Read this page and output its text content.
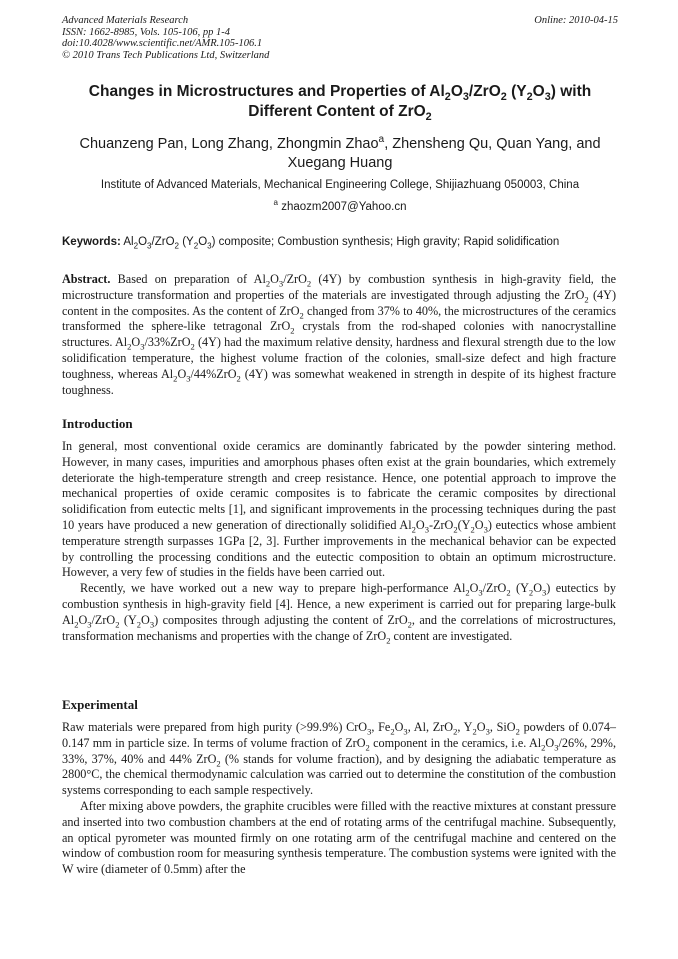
Advanced Materials Research
ISSN: 1662-8985, Vols. 105-106, pp 1-4
doi:10.4028/www.scientific.net/AMR.105-106.1
© 2010 Trans Tech Publications Ltd, Switzerland
Online: 2010-04-15
Changes in Microstructures and Properties of $Al_2O_3/ZrO_2$ $(Y_2O_3)$ with Different Content of ZrO$_2$
Chuanzeng Pan, Long Zhang, Zhongmin Zhao$^a$, Zhensheng Qu, Quan Yang, and Xuegang Huang
Institute of Advanced Materials, Mechanical Engineering College, Shijiazhuang 050003, China
$^a$ zhaozm2007@Yahoo.cn
Keywords: $Al_2O_3/ZrO_2$ $(Y_2O_3)$ composite; Combustion synthesis; High gravity; Rapid solidification
Abstract. Based on preparation of $Al_2O_3/ZrO_2$ (4Y) by combustion synthesis in high-gravity field, the microstructure transformation and properties of the materials are investigated through adjusting the ZrO$_2$ (4Y) content in the composites. As the content of ZrO$_2$ changed from 37% to 40%, the microstructures of the ceramics transformed the sphere-like tetragonal ZrO$_2$ crystals from the rod-shaped colonies with nanocrystalline structures. $Al_2O_3/33\%ZrO_2$ (4Y) had the maximum relative density, hardness and flexural strength due to the low solidification temperature, the highest volume fraction of the colonies, small-size defect and high fracture toughness, whereas $Al_2O_3/44\%ZrO_2$ (4Y) was somewhat weakened in strength in despite of its highest fracture toughness.
Introduction

In general, most conventional oxide ceramics are dominantly fabricated by the powder sintering method. However, in many cases, impurities and amorphous phases often exist at the grain boundaries, which extremely deteriorate the high-temperature strength and creep resistance. Hence, one potential approach to improve the mechanical properties of oxide ceramic composites is to fabricate the ceramic composites by directional solidification from eutectic melts [1], and significant improvements in the processing techniques during the past 10 years have produced a new generation of directionally solidified $Al_2O_3-ZrO_2(Y_2O_3)$ eutectics whose ambient temperature strength surpasses 1GPa [2, 3]. Further improvements in the mechanical behavior can be expected by controlling the processing conditions and the eutectic composition to obtain an optimum microstructure. However, a very few of studies in the fields have been carried out.

Recently, we have worked out a new way to prepare high-performance $Al_2O_3/ZrO_2$ $(Y_2O_3)$ eutectics by combustion synthesis in high-gravity field [4]. Hence, a new experiment is carried out for preparing large-bulk $Al_2O_3/ZrO_2$ $(Y_2O_3)$ composites through adjusting the content of ZrO$_2$, and the correlations of microstructures, transformation mechanisms and properties with the change of ZrO$_2$ content are investigated.

Experimental

Raw materials were prepared from high purity (>99.9%) CrO$_3$, $Fe_2O_3$, Al, ZrO$_2$, $Y_2O_3$, SiO$_2$ powders of 0.074–0.147 mm in particle size. In terms of volume fraction of ZrO$_2$ component in the ceramics, i.e. $Al_2O_3/26\%$, 29%, 33%, 37%, 40% and 44% ZrO$_2$ (% stands for volume fraction), and by designing the adiabatic temperature as 2800°C, the chemical thermodynamic calculation was carried out to determine the constitution of the combustion systems corresponding to each sample respectively.

After mixing above powders, the graphite crucibles were filled with the reactive mixtures at constant pressure and inserted into two combustion chambers at the end of rotating arms of the centrifugal machine. Subsequently, an optical pyrometer was mounted firmly on one rotating arm of the centrifugal machine and centered on the window of combustion room for measuring synthesis temperature. The combustion systems were ignited with the W wire (diameter of 0.5mm) after the
